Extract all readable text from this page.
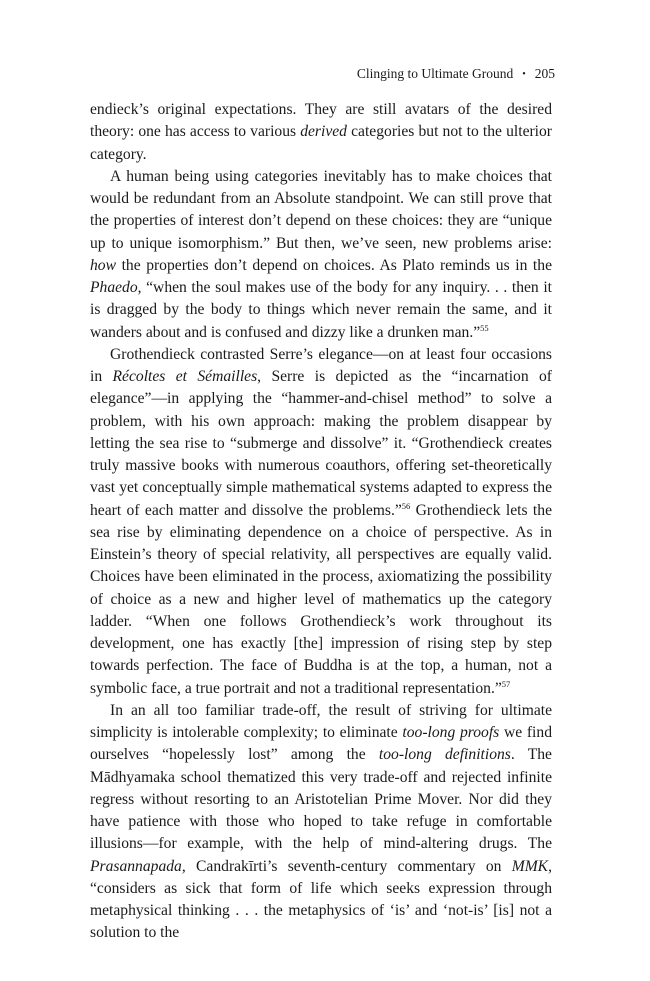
Clinging to Ultimate Ground • 205

endieck’s original expectations. They are still avatars of the desired theory: one has access to various derived categories but not to the ulterior category.

A human being using categories inevitably has to make choices that would be redundant from an Absolute standpoint. We can still prove that the properties of interest don’t depend on these choices: they are “unique up to unique isomorphism.” But then, we’ve seen, new problems arise: how the properties don’t depend on choices. As Plato reminds us in the Phaedo, “when the soul makes use of the body for any inquiry. . . then it is dragged by the body to things which never remain the same, and it wanders about and is confused and dizzy like a drunken man.”$^{55}$

Grothendieck contrasted Serre’s elegance—on at least four occasions in Récoltes et Sémailles, Serre is depicted as the “incarnation of elegance”—in applying the “hammer-and-chisel method” to solve a problem, with his own approach: making the problem disappear by letting the sea rise to “submerge and dissolve” it. “Grothendieck creates truly massive books with numerous coauthors, offering set-theoretically vast yet conceptually simple mathematical systems adapted to express the heart of each matter and dissolve the problems.”$^{56}$ Grothendieck lets the sea rise by eliminating dependence on a choice of perspective. As in Einstein’s theory of special relativity, all perspectives are equally valid. Choices have been eliminated in the process, axiomatizing the possibility of choice as a new and higher level of mathematics up the category ladder. “When one follows Grothendieck’s work throughout its development, one has exactly [the] impression of rising step by step towards perfection. The face of Buddha is at the top, a human, not a symbolic face, a true portrait and not a traditional representation.”$^{57}$

In an all too familiar trade-off, the result of striving for ultimate simplicity is intolerable complexity; to eliminate too-long proofs we find ourselves “hopelessly lost” among the too-long definitions. The Mādhyamaka school thematized this very trade-off and rejected infinite regress without resorting to an Aristotelian Prime Mover. Nor did they have patience with those who hoped to take refuge in comfortable illusions—for example, with the help of mind-altering drugs. The Prasannapada, Candrakīrti’s seventh-century commentary on MMK, “considers as sick that form of life which seeks expression through metaphysical thinking . . . the metaphysics of ‘is’ and ‘not-is’ [is] not a solution to the
